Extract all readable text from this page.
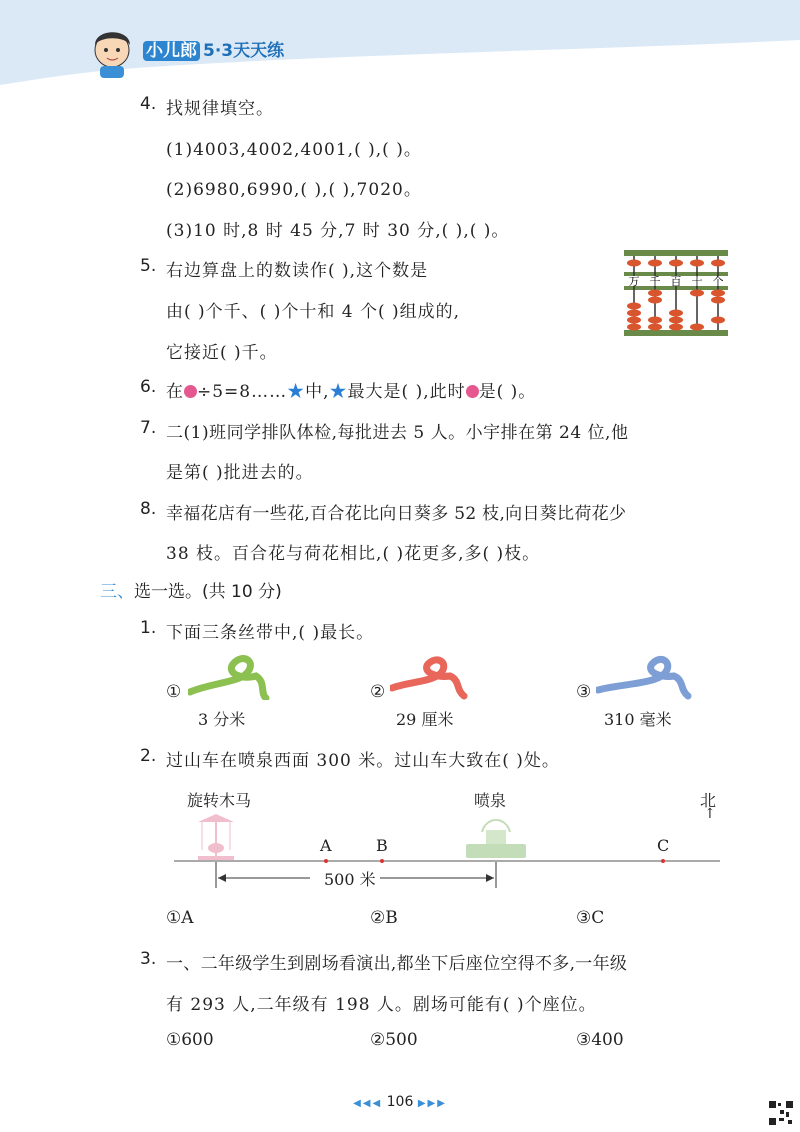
小儿郎 5·3天天练
4. 找规律填空。
(1)4003,4002,4001,( ),( )。
(2)6980,6990,( ),( ),7020。
(3)10 时,8 时 45 分,7 时 30 分,( ),( )。
5. 右边算盘上的数读作( ),这个数是
由( )个千、( )个十和 4 个( )组成的,
它接近( )千。
万 千 百 十 个
6. 在 ÷5=8……★中,★最大是( ),此时 是( )。
7. 二(1)班同学排队体检,每批进去 5 人。小宇排在第 24 位,他
是第( )批进去的。
8. 幸福花店有一些花,百合花比向日葵多 52 枝,向日葵比荷花少
38 枝。百合花与荷花相比,( )花更多,多( )枝。
三、选一选。(共 10 分)
1. 下面三条丝带中,( )最长。
①
3 分米
②
29 厘米
③
310 毫米
2. 过山车在喷泉西面 300 米。过山车大致在( )处。
旋转木马	喷泉	北
↑
A	B	C
500 米
①A	②B	③C
3. 一、二年级学生到剧场看演出,都坐下后座位空得不多,一年级
有 293 人,二年级有 198 人。剧场可能有( )个座位。
①600	②500	③400
◀◀◀ 106 ▶▶▶
